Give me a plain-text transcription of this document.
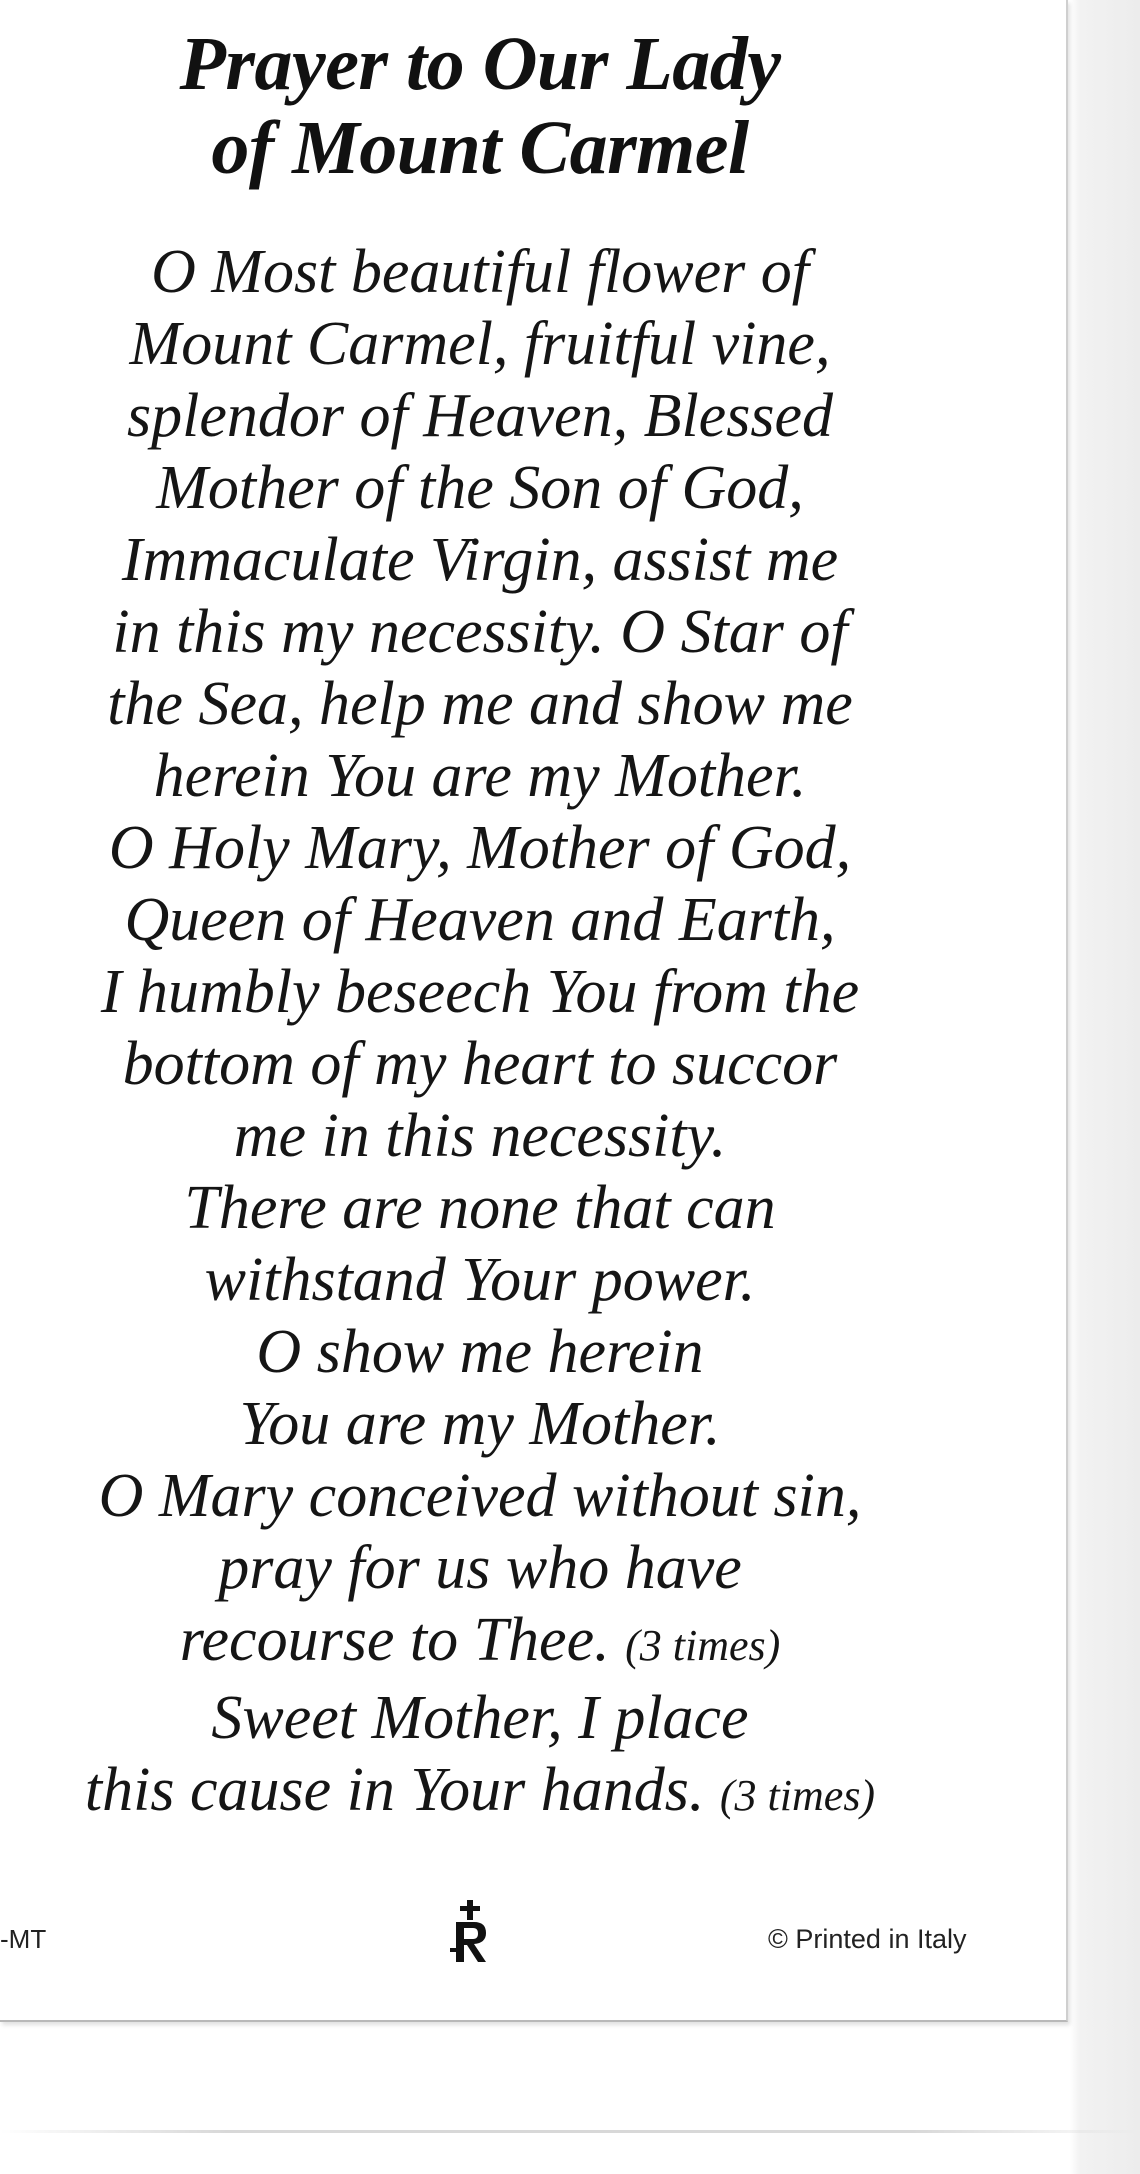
Prayer to Our Lady
of Mount Carmel
O Most beautiful flower of
Mount Carmel, fruitful vine,
splendor of Heaven, Blessed
Mother of the Son of God,
Immaculate Virgin, assist me
in this my necessity. O Star of
the Sea, help me and show me
herein You are my Mother.
O Holy Mary, Mother of God,
Queen of Heaven and Earth,
I humbly beseech You from the
bottom of my heart to succor
me in this necessity.
There are none that can
withstand Your power.
O show me herein
You are my Mother.
O Mary conceived without sin,
pray for us who have
recourse to Thee. (3 times)
Sweet Mother, I place
this cause in Your hands. (3 times)
-MT	© Printed in Italy
